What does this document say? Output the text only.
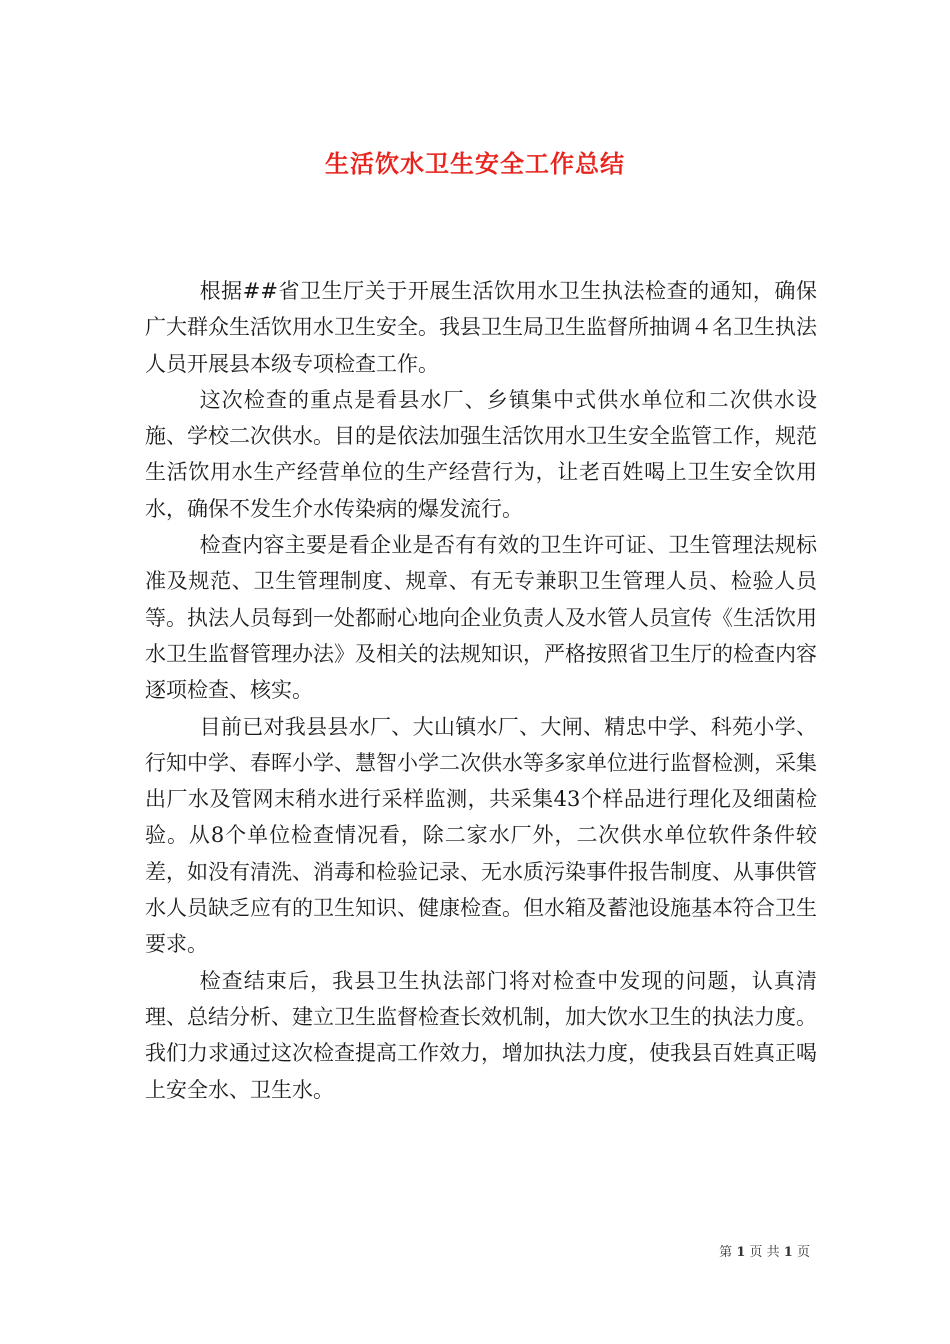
生活饮水卫生安全工作总结

根据##省卫生厅关于开展生活饮用水卫生执法检查的通知，确保广大群众生活饮用水卫生安全。我县卫生局卫生监督所抽调４名卫生执法人员开展县本级专项检查工作。

这次检查的重点是看县水厂、乡镇集中式供水单位和二次供水设施、学校二次供水。目的是依法加强生活饮用水卫生安全监管工作，规范生活饮用水生产经营单位的生产经营行为，让老百姓喝上卫生安全饮用水，确保不发生介水传染病的爆发流行。

检查内容主要是看企业是否有有效的卫生许可证、卫生管理法规标准及规范、卫生管理制度、规章、有无专兼职卫生管理人员、检验人员等。执法人员每到一处都耐心地向企业负责人及水管人员宣传《生活饮用水卫生监督管理办法》及相关的法规知识，严格按照省卫生厅的检查内容逐项检查、核实。

目前已对我县县水厂、大山镇水厂、大闸、精忠中学、科苑小学、行知中学、春晖小学、慧智小学二次供水等多家单位进行监督检测，采集出厂水及管网末稍水进行采样监测，共采集43个样品进行理化及细菌检验。从8个单位检查情况看，除二家水厂外，二次供水单位软件条件较差，如没有清洗、消毒和检验记录、无水质污染事件报告制度、从事供管水人员缺乏应有的卫生知识、健康检查。但水箱及蓄池设施基本符合卫生要求。

检查结束后，我县卫生执法部门将对检查中发现的问题，认真清理、总结分析、建立卫生监督检查长效机制，加大饮水卫生的执法力度。我们力求通过这次检查提高工作效力，增加执法力度，使我县百姓真正喝上安全水、卫生水。

第 1 页 共 1 页
